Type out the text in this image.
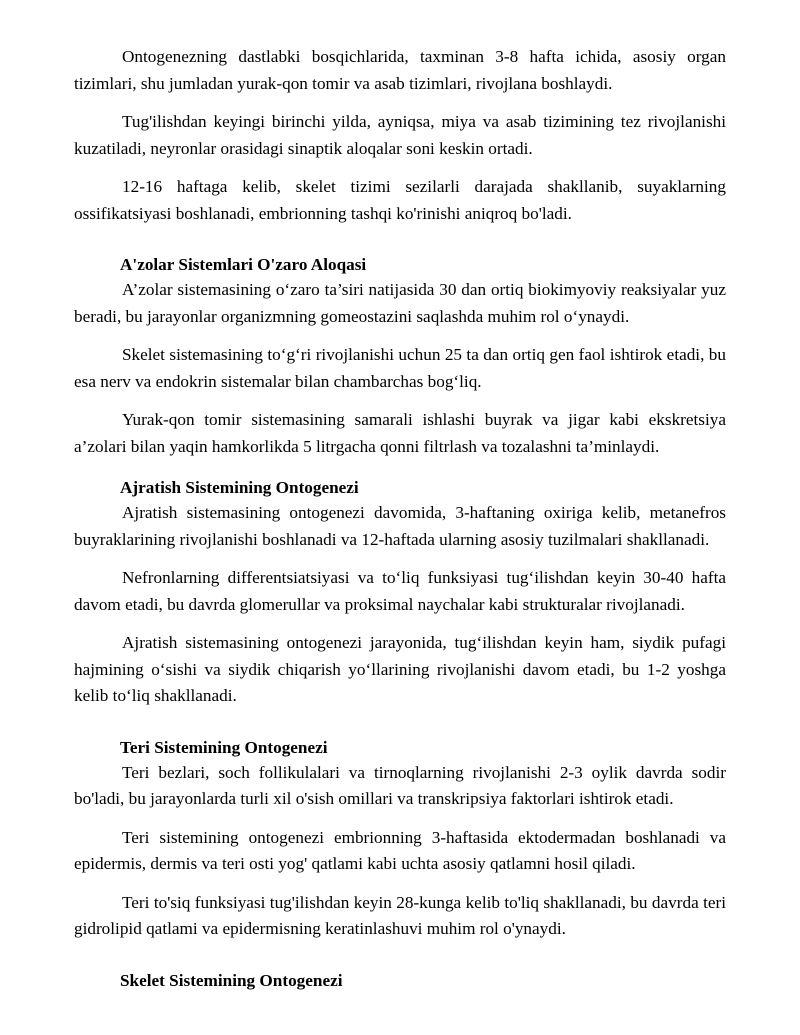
Ontogenezning dastlabki bosqichlarida, taxminan 3-8 hafta ichida, asosiy organ tizimlari, shu jumladan yurak-qon tomir va asab tizimlari, rivojlana boshlaydi.

Tug'ilishdan keyingi birinchi yilda, ayniqsa, miya va asab tizimining tez rivojlanishi kuzatiladi, neyronlar orasidagi sinaptik aloqalar soni keskin ortadi.

12-16 haftaga kelib, skelet tizimi sezilarli darajada shakllanib, suyaklarning ossifikatsiyasi boshlanadi, embrionning tashqi ko'rinishi aniqroq bo'ladi.

A'zolar Sistemlari O'zaro Aloqasi

A’zolar sistemasining o‘zaro ta’siri natijasida 30 dan ortiq biokimyoviy reaksiyalar yuz beradi, bu jarayonlar organizmning gomeostazini saqlashda muhim rol o‘ynaydi.

Skelet sistemasining to‘g‘ri rivojlanishi uchun 25 ta dan ortiq gen faol ishtirok etadi, bu esa nerv va endokrin sistemalar bilan chambarchas bog‘liq.

Yurak-qon tomir sistemasining samarali ishlashi buyrak va jigar kabi ekskretsiya a’zolari bilan yaqin hamkorlikda 5 litrgacha qonni filtrlash va tozalashni ta’minlaydi.

Ajratish Sistemining Ontogenezi

Ajratish sistemasining ontogenezi davomida, 3-haftaning oxiriga kelib, metanefros buyraklarining rivojlanishi boshlanadi va 12-haftada ularning asosiy tuzilmalari shakllanadi.

Nefronlarning differentsiatsiyasi va to‘liq funksiyasi tug‘ilishdan keyin 30-40 hafta davom etadi, bu davrda glomerullar va proksimal naychalar kabi strukturalar rivojlanadi.

Ajratish sistemasining ontogenezi jarayonida, tug‘ilishdan keyin ham, siydik pufagi hajmining o‘sishi va siydik chiqarish yo‘llarining rivojlanishi davom etadi, bu 1-2 yoshga kelib to‘liq shakllanadi.

Teri Sistemining Ontogenezi

Teri bezlari, soch follikulalari va tirnoqlarning rivojlanishi 2-3 oylik davrda sodir bo'ladi, bu jarayonlarda turli xil o'sish omillari va transkripsiya faktorlari ishtirok etadi.

Teri sistemining ontogenezi embrionning 3-haftasida ektodermadan boshlanadi va epidermis, dermis va teri osti yog' qatlami kabi uchta asosiy qatlamni hosil qiladi.

Teri to'siq funksiyasi tug'ilishdan keyin 28-kunga kelib to'liq shakllanadi, bu davrda teri gidrolipid qatlami va epidermisning keratinlashuvi muhim rol o'ynaydi.

Skelet Sistemining Ontogenezi
